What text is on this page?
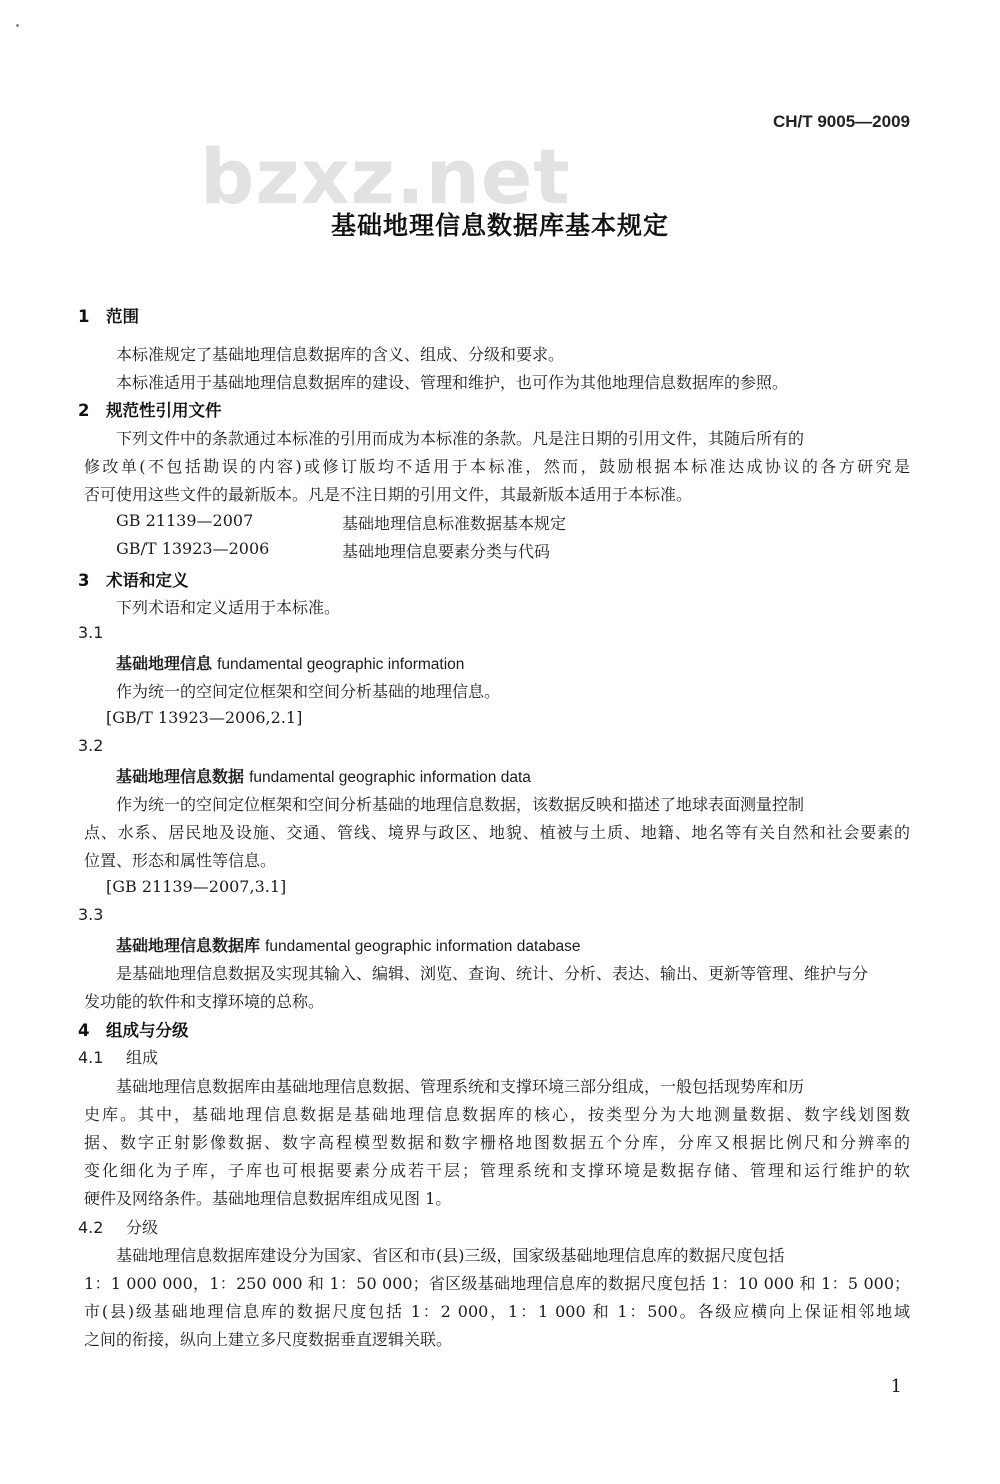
CH/T 9005—2009
bzxz.net
基础地理信息数据库基本规定
1 范围
本标准规定了基础地理信息数据库的含义、组成、分级和要求。
本标准适用于基础地理信息数据库的建设、管理和维护，也可作为其他地理信息数据库的参照。
2 规范性引用文件
下列文件中的条款通过本标准的引用而成为本标准的条款。凡是注日期的引用文件，其随后所有的
修改单(不包括勘误的内容)或修订版均不适用于本标准，然而，鼓励根据本标准达成协议的各方研究是
否可使用这些文件的最新版本。凡是不注日期的引用文件，其最新版本适用于本标准。
GB 21139—2007	基础地理信息标准数据基本规定
GB/T 13923—2006	基础地理信息要素分类与代码
3 术语和定义
下列术语和定义适用于本标准。
3.1
基础地理信息 fundamental geographic information
作为统一的空间定位框架和空间分析基础的地理信息。
[GB/T 13923—2006,2.1]
3.2
基础地理信息数据 fundamental geographic information data
作为统一的空间定位框架和空间分析基础的地理信息数据，该数据反映和描述了地球表面测量控制
点、水系、居民地及设施、交通、管线、境界与政区、地貌、植被与土质、地籍、地名等有关自然和社会要素的
位置、形态和属性等信息。
[GB 21139—2007,3.1]
3.3
基础地理信息数据库 fundamental geographic information database
是基础地理信息数据及实现其输入、编辑、浏览、查询、统计、分析、表达、输出、更新等管理、维护与分
发功能的软件和支撑环境的总称。
4 组成与分级
4.1 组成
基础地理信息数据库由基础地理信息数据、管理系统和支撑环境三部分组成，一般包括现势库和历
史库。其中，基础地理信息数据是基础地理信息数据库的核心，按类型分为大地测量数据、数字线划图数
据、数字正射影像数据、数字高程模型数据和数字栅格地图数据五个分库，分库又根据比例尺和分辨率的
变化细化为子库，子库也可根据要素分成若干层；管理系统和支撑环境是数据存储、管理和运行维护的软
硬件及网络条件。基础地理信息数据库组成见图 1。
4.2 分级
基础地理信息数据库建设分为国家、省区和市(县)三级，国家级基础地理信息库的数据尺度包括
1：1 000 000，1：250 000 和 1：50 000；省区级基础地理信息库的数据尺度包括 1：10 000 和 1：5 000；
市(县)级基础地理信息库的数据尺度包括 1：2 000，1：1 000 和 1：500。各级应横向上保证相邻地域
之间的衔接，纵向上建立多尺度数据垂直逻辑关联。
1
